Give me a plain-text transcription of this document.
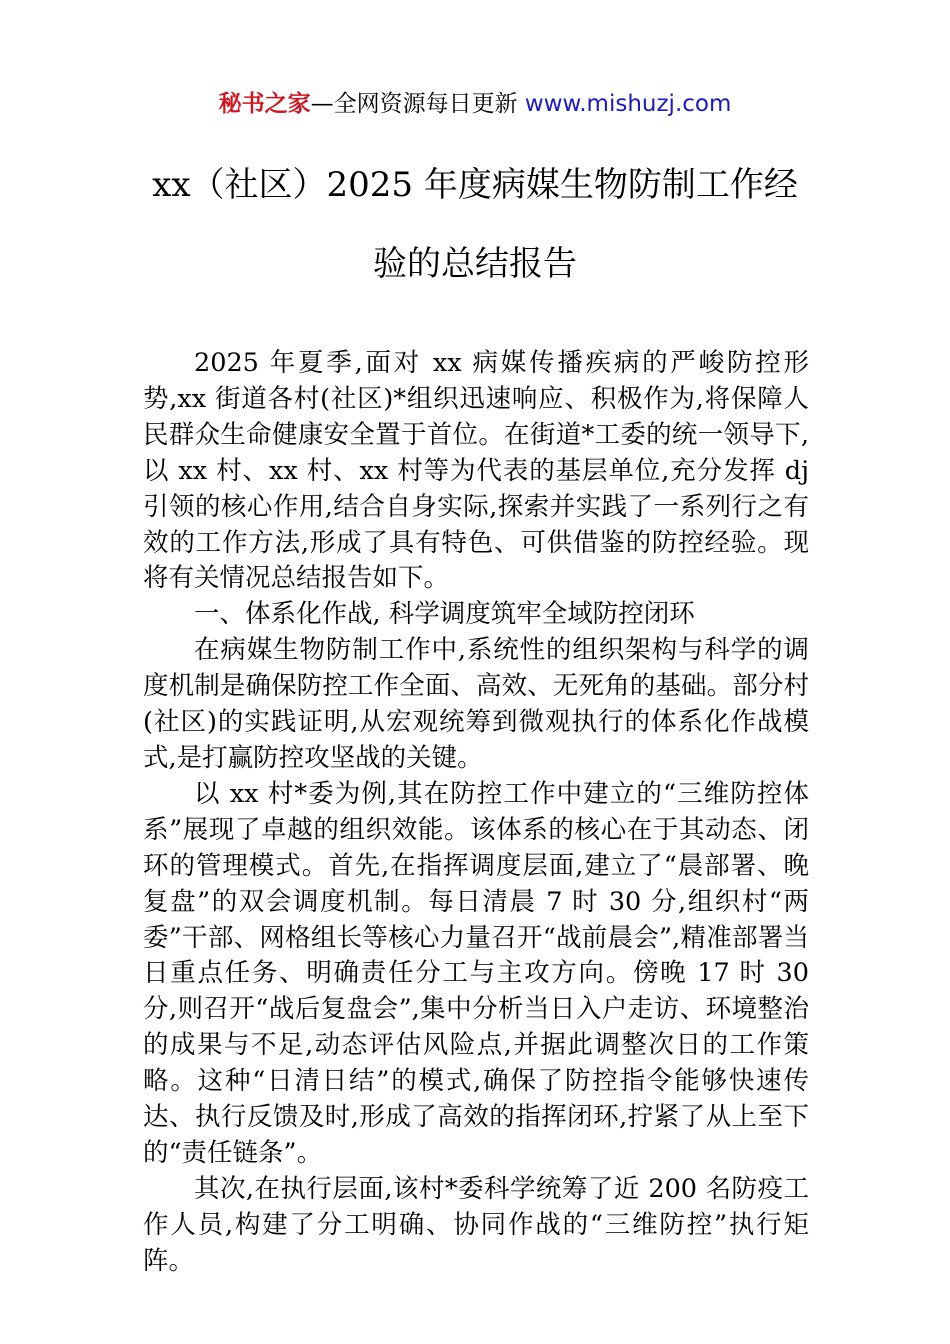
秘书之家—全网资源每日更新 www.mishuzj.com
xx（社区）2025 年度病媒生物防制工作经
验的总结报告

2025 年夏季,面对 xx 病媒传播疾病的严峻防控形势,xx 街道各村(社区)*组织迅速响应、积极作为,将保障人民群众生命健康安全置于首位。在街道*工委的统一领导下,以 xx 村、xx 村、xx 村等为代表的基层单位,充分发挥 dj 引领的核心作用,结合自身实际,探索并实践了一系列行之有效的工作方法,形成了具有特色、可供借鉴的防控经验。现将有关情况总结报告如下。

一、体系化作战, 科学调度筑牢全域防控闭环

在病媒生物防制工作中,系统性的组织架构与科学的调度机制是确保防控工作全面、高效、无死角的基础。部分村(社区)的实践证明,从宏观统筹到微观执行的体系化作战模式,是打赢防控攻坚战的关键。

以 xx 村*委为例,其在防控工作中建立的“三维防控体系”展现了卓越的组织效能。该体系的核心在于其动态、闭环的管理模式。首先,在指挥调度层面,建立了“晨部署、晚复盘”的双会调度机制。每日清晨 7 时 30 分,组织村“两委”干部、网格组长等核心力量召开“战前晨会”,精准部署当日重点任务、明确责任分工与主攻方向。傍晚 17 时 30 分,则召开“战后复盘会”,集中分析当日入户走访、环境整治的成果与不足,动态评估风险点,并据此调整次日的工作策略。这种“日清日结”的模式,确保了防控指令能够快速传达、执行反馈及时,形成了高效的指挥闭环,拧紧了从上至下的“责任链条”。

其次,在执行层面,该村*委科学统筹了近 200 名防疫工作人员,构建了分工明确、协同作战的“三维防控”执行矩阵。
